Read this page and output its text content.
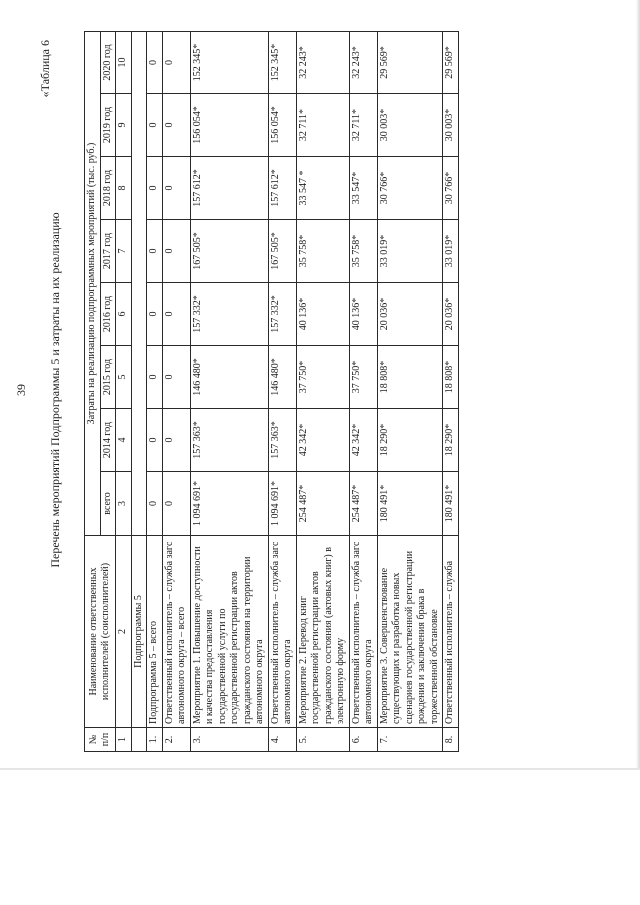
39
«Таблица 6
Перечень мероприятий Подпрограммы 5 и затраты на их реализацию
№ п/п	Наименование ответственных исполнителей (соисполнителей)	Затраты на реализацию подпрограммных мероприятий (тыс. руб.)							
		всего	2014 год	2015 год	2016 год	2017 год	2018 год	2019 год	2020 год
1	2	3	4	5	6	7	8	9	10
	Подпрограммы 5								
1.	Подпрограмма 5 – всего	0	0	0	0	0	0	0	0
2.	Ответственный исполнитель – служба загс автономного округа – всего	0	0	0	0	0	0	0	0
3.	Мероприятие 1. Повышение доступности и качества предоставления государственной услуги по государственной регистрации актов гражданского состояния на территории автономного округа	1 094 691*	157 363*	146 480*	157 332*	167 505*	157 612*	156 054*	152 345*
4.	Ответственный исполнитель – служба загс автономного округа	1 094 691*	157 363*	146 480*	157 332*	167 505*	157 612*	156 054*	152 345*
5.	Мероприятие 2. Перевод книг государственной регистрации актов гражданского состояния (актовых книг) в электронную форму	254 487*	42 342*	37 750*	40 136*	35 758*	33 547 *	32 711*	32 243*
6.	Ответственный исполнитель – служба загс автономного округа	254 487*	42 342*	37 750*	40 136*	35 758*	33 547*	32 711*	32 243*
7.	Мероприятие 3. Совершенствование существующих и разработка новых сценариев государственной регистрации рождения и заключения брака в торжественной обстановке	180 491*	18 290*	18 808*	20 036*	33 019*	30 766*	30 003*	29 569*
8.	Ответственный исполнитель – служба	180 491*	18 290*	18 808*	20 036*	33 019*	30 766*	30 003*	29 569*
